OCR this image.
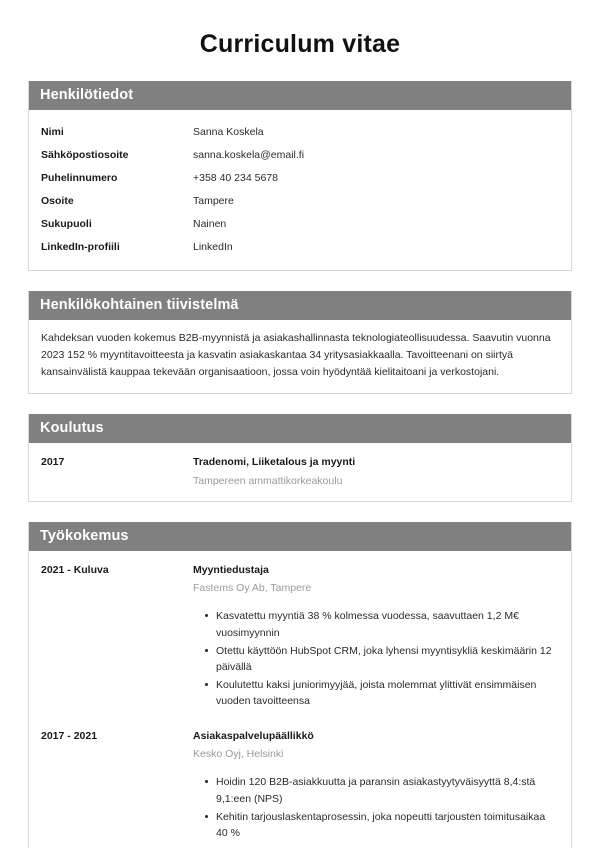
Curriculum vitae
Henkilötiedot
Nimi	Sanna Koskela
Sähköpostiosoite	sanna.koskela@email.fi
Puhelinnumero	+358 40 234 5678
Osoite	Tampere
Sukupuoli	Nainen
LinkedIn-profiili	LinkedIn
Henkilökohtainen tiivistelmä

Kahdeksan vuoden kokemus B2B-myynnistä ja asiakashallinnasta teknologiateollisuudessa. Saavutin vuonna 2023 152 % myyntitavoitteesta ja kasvatin asiakaskantaa 34 yritysasiakkaalla. Tavoitteenani on siirtyä kansainvälistä kauppaa tekevään organisaatioon, jossa voin hyödyntää kielitaitoani ja verkostojani.

Koulutus
2017	Tradenomi, Liiketalous ja myynti
Tampereen ammattikorkeakoulu
Työkokemus
2021 - Kuluva	Myyntiedustaja
Fastems Oy Ab, Tampere
Kasvatettu myyntiä 38 % kolmessa vuodessa, saavuttaen 1,2 M€ vuosimyynnin
Otettu käyttöön HubSpot CRM, joka lyhensi myyntisykliä keskimäärin 12 päivällä
Koulutettu kaksi juniorimyyjää, joista molemmat ylittivät ensimmäisen vuoden tavoitteensa
2017 - 2021	Asiakaspalvelupäällikkö
Kesko Oyj, Helsinki
Hoidin 120 B2B-asiakkuutta ja paransin asiakastyytyväisyyttä 8,4:stä 9,1:een (NPS)
Kehitin tarjouslaskentaprosessin, joka nopeutti tarjousten toimitusaikaa 40 %
